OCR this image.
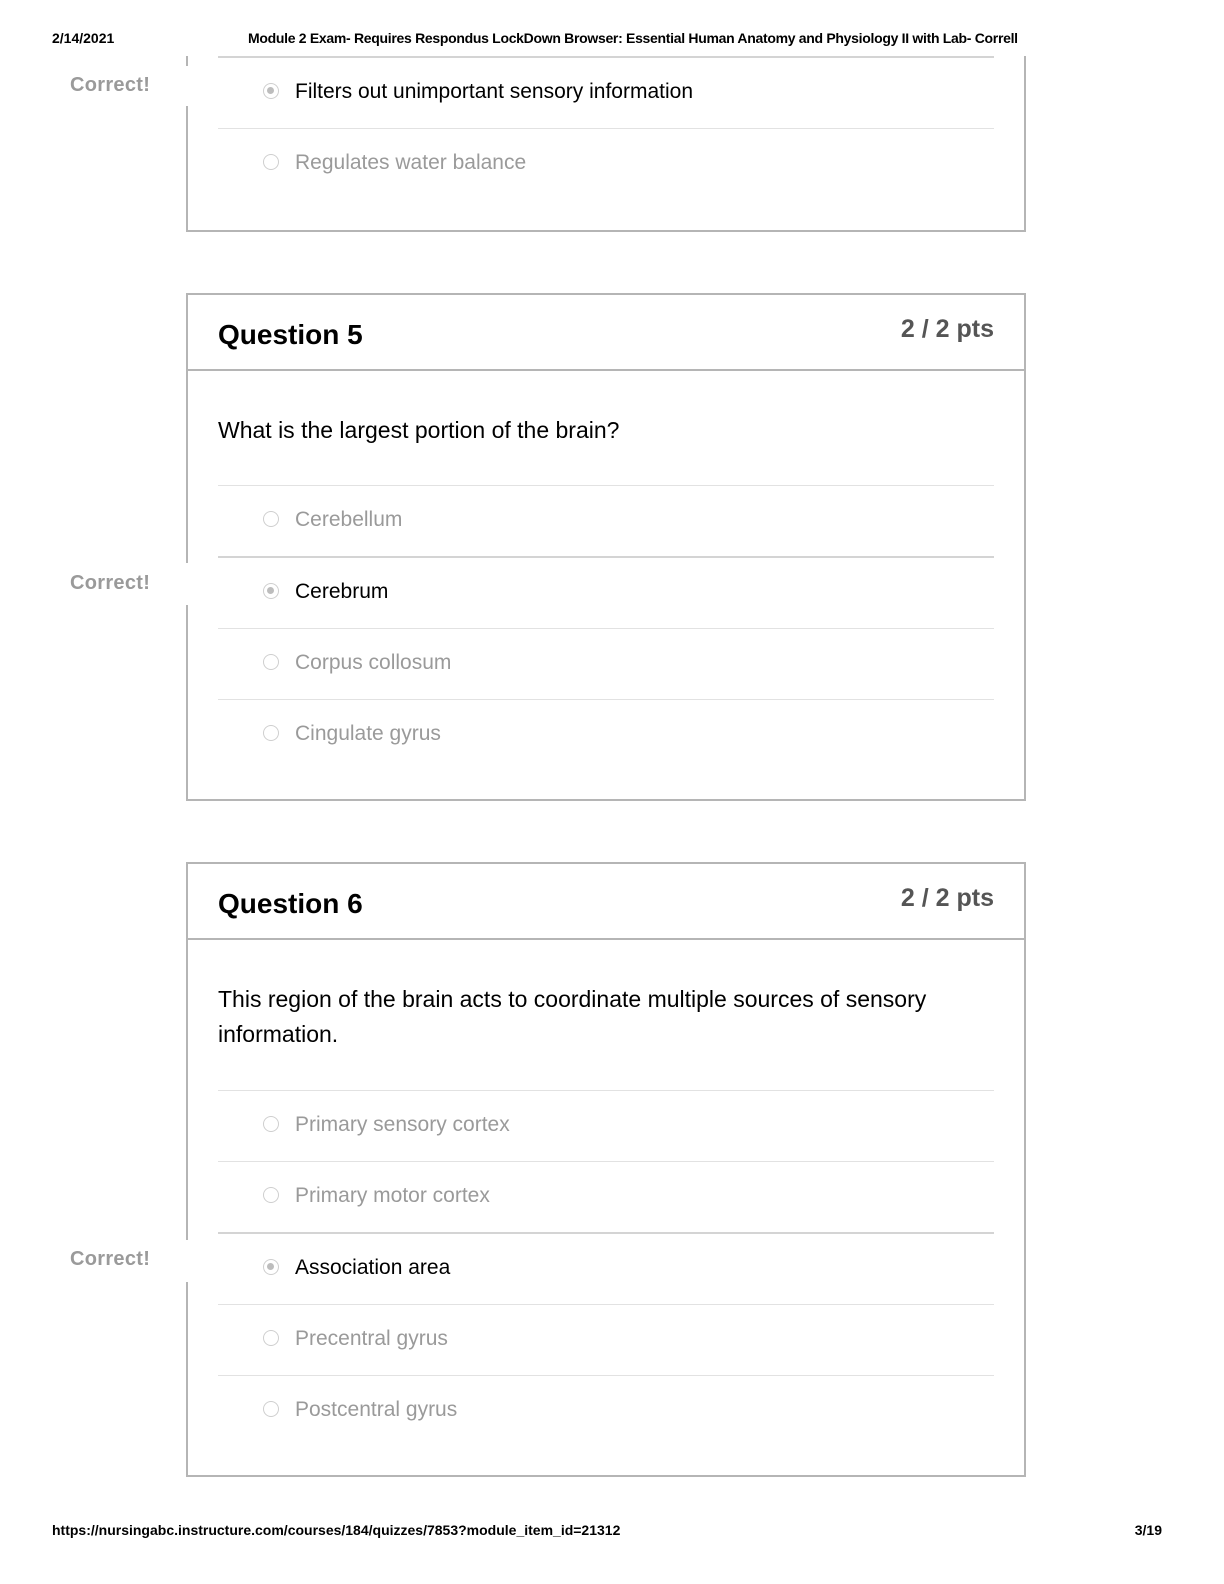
2/14/2021	Module 2 Exam- Requires Respondus LockDown Browser: Essential Human Anatomy and Physiology II with Lab- Correll
Filters out unimportant sensory information
Regulates water balance
Correct!
Question 5	2 / 2 pts
What is the largest portion of the brain?
Cerebellum
Cerebrum
Corpus collosum
Cingulate gyrus
Correct!
Question 6	2 / 2 pts
This region of the brain acts to coordinate multiple sources of sensory information.
Primary sensory cortex
Primary motor cortex
Association area
Precentral gyrus
Postcentral gyrus
Correct!
https://nursingabc.instructure.com/courses/184/quizzes/7853?module_item_id=21312	3/19
